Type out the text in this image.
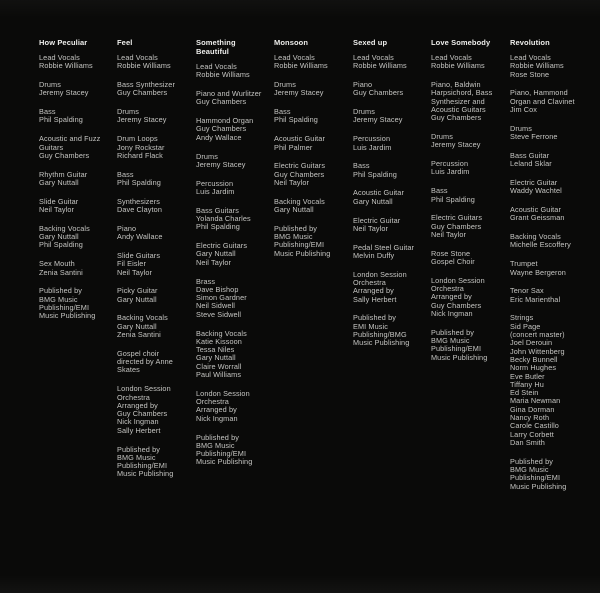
How Peculiar
Lead Vocals
Robbie Williams
Drums
Jeremy Stacey
Bass
Phil Spalding
Acoustic and Fuzz
Guitars
Guy Chambers
Rhythm Guitar
Gary Nuttall
Slide Guitar
Neil Taylor
Backing Vocals
Gary Nuttall
Phil Spalding
Sex Mouth
Zenia Santini
Published by
BMG Music
Publishing/EMI
Music Publishing
Feel
Lead Vocals
Robbie Williams
Bass Synthesizer
Guy Chambers
Drums
Jeremy Stacey
Drum Loops
Jony Rockstar
Richard Flack
Bass
Phil Spalding
Synthesizers
Dave Clayton
Piano
Andy Wallace
Slide Guitars
Fil Eisler
Neil Taylor
Picky Guitar
Gary Nuttall
Backing Vocals
Gary Nuttall
Zenia Santini
Gospel choir
directed by Anne
Skates
London Session
Orchestra
Arranged by
Guy Chambers
Nick Ingman
Sally Herbert
Published by
BMG Music
Publishing/EMI
Music Publishing
Something Beautiful
Lead Vocals
Robbie Williams
Piano and Wurlitzer
Guy Chambers
Hammond Organ
Guy Chambers
Andy Wallace
Drums
Jeremy Stacey
Percussion
Luis Jardim
Bass Guitars
Yolanda Charles
Phil Spalding
Electric Guitars
Gary Nuttall
Neil Taylor
Brass
Dave Bishop
Simon Gardner
Neil Sidwell
Steve Sidwell
Backing Vocals
Katie Kissoon
Tessa Niles
Gary Nuttall
Claire Worrall
Paul Williams
London Session
Orchestra
Arranged by
Nick Ingman
Published by
BMG Music
Publishing/EMI
Music Publishing
Monsoon
Lead Vocals
Robbie Williams
Drums
Jeremy Stacey
Bass
Phil Spalding
Acoustic Guitar
Phil Palmer
Electric Guitars
Guy Chambers
Neil Taylor
Backing Vocals
Gary Nuttall
Published by
BMG Music
Publishing/EMI
Music Publishing
Sexed up
Lead Vocals
Robbie Williams
Piano
Guy Chambers
Drums
Jeremy Stacey
Percussion
Luis Jardim
Bass
Phil Spalding
Acoustic Guitar
Gary Nuttall
Electric Guitar
Neil Taylor
Pedal Steel Guitar
Melvin Duffy
London Session
Orchestra
Arranged by
Sally Herbert
Published by
EMI Music
Publishing/BMG
Music Publishing
Love Somebody
Lead Vocals
Robbie Williams
Piano, Baldwin
Harpsichord, Bass
Synthesizer and
Acoustic Guitars
Guy Chambers
Drums
Jeremy Stacey
Percussion
Luis Jardim
Bass
Phil Spalding
Electric Guitars
Guy Chambers
Neil Taylor
Rose Stone
Gospel Choir
London Session
Orchestra
Arranged by
Guy Chambers
Nick Ingman
Published by
BMG Music
Publishing/EMI
Music Publishing
Revolution
Lead Vocals
Robbie Williams
Rose Stone
Piano, Hammond
Organ and Clavinet
Jim Cox
Drums
Steve Ferrone
Bass Guitar
Leland Sklar
Electric Guitar
Waddy Wachtel
Acoustic Guitar
Grant Geissman
Backing Vocals
Michelle Escoffery
Trumpet
Wayne Bergeron
Tenor Sax
Eric Marienthal
Strings
Sid Page
(concert master)
Joel Derouin
John Wittenberg
Becky Bunnell
Norm Hughes
Eve Butler
Tiffany Hu
Ed Stein
Maria Newman
Gina Dorman
Nancy Roth
Carole Castillo
Larry Corbett
Dan Smith
Published by
BMG Music
Publishing/EMI
Music Publishing
